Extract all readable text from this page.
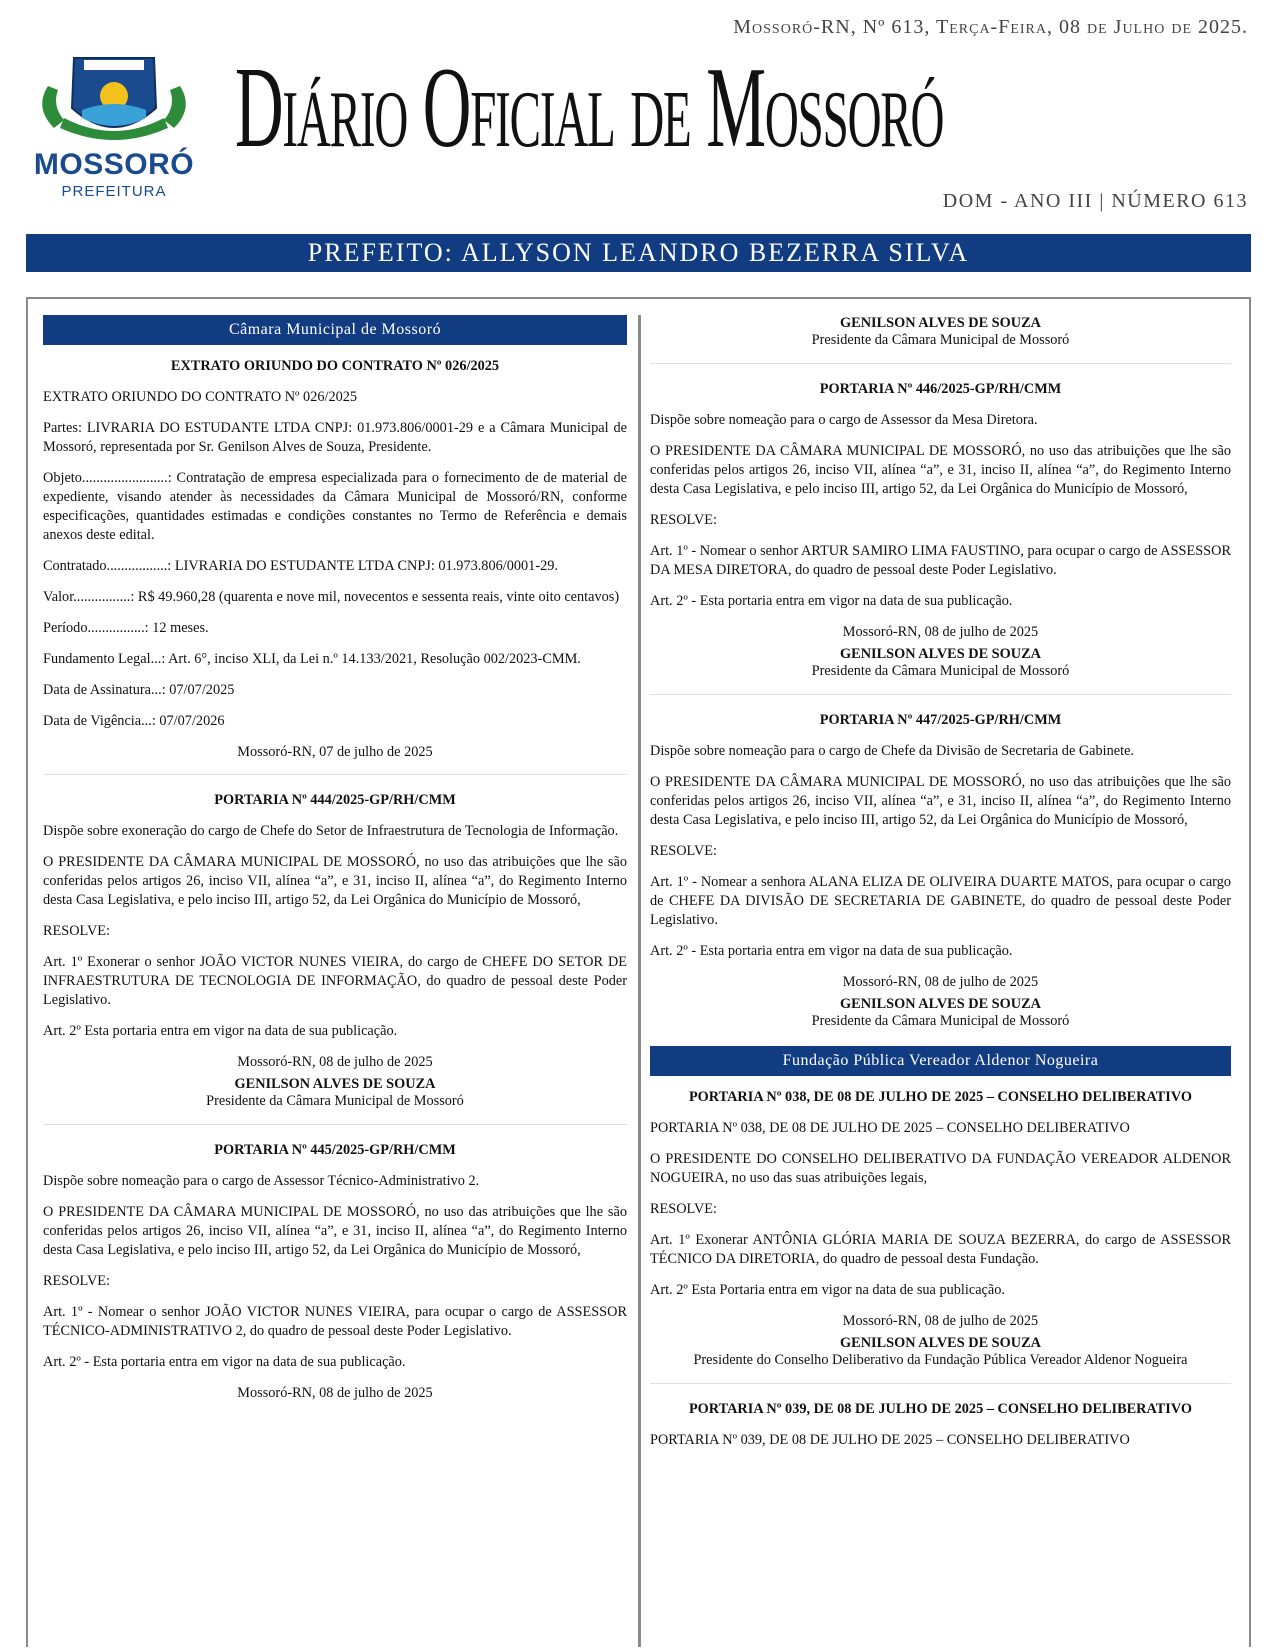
Mossoró-RN, Nº 613, Terça-Feira, 08 de Julho de 2025.
MOSSORÓ
PREFEITURA
Diário Oficial de Mossoró
DOM - ANO III | NÚMERO 613
PREFEITO: ALLYSON LEANDRO BEZERRA SILVA
Câmara Municipal de Mossoró
EXTRATO ORIUNDO DO CONTRATO Nº 026/2025

EXTRATO ORIUNDO DO CONTRATO Nº 026/2025

Partes: LIVRARIA DO ESTUDANTE LTDA CNPJ: 01.973.806/0001-29 e a Câmara Municipal de Mossoró, representada por Sr. Genilson Alves de Souza, Presidente.

Objeto........................: Contratação de empresa especializada para o fornecimento de de material de expediente, visando atender às necessidades da Câmara Municipal de Mossoró/RN, conforme especificações, quantidades estimadas e condições constantes no Termo de Referência e demais anexos deste edital.

Contratado.................: LIVRARIA DO ESTUDANTE LTDA CNPJ: 01.973.806/0001-29.

Valor................: R$ 49.960,28 (quarenta e nove mil, novecentos e sessenta reais, vinte oito centavos)

Período................: 12 meses.

Fundamento Legal...: Art. 6°, inciso XLI, da Lei n.º 14.133/2021, Resolução 002/2023-CMM.

Data de Assinatura...: 07/07/2025

Data de Vigência...: 07/07/2026

Mossoró-RN, 07 de julho de 2025

PORTARIA Nº 444/2025-GP/RH/CMM

Dispõe sobre exoneração do cargo de Chefe do Setor de Infraestrutura de Tecnologia de Informação.

O PRESIDENTE DA CÂMARA MUNICIPAL DE MOSSORÓ, no uso das atribuições que lhe são conferidas pelos artigos 26, inciso VII, alínea “a”, e 31, inciso II, alínea “a”, do Regimento Interno desta Casa Legislativa, e pelo inciso III, artigo 52, da Lei Orgânica do Município de Mossoró,

RESOLVE:

Art. 1º Exonerar o senhor JOÃO VICTOR NUNES VIEIRA, do cargo de CHEFE DO SETOR DE INFRAESTRUTURA DE TECNOLOGIA DE INFORMAÇÃO, do quadro de pessoal deste Poder Legislativo.

Art. 2º Esta portaria entra em vigor na data de sua publicação.

Mossoró-RN, 08 de julho de 2025

GENILSON ALVES DE SOUZA
Presidente da Câmara Municipal de Mossoró
PORTARIA Nº 445/2025-GP/RH/CMM

Dispõe sobre nomeação para o cargo de Assessor Técnico-Administrativo 2.

O PRESIDENTE DA CÂMARA MUNICIPAL DE MOSSORÓ, no uso das atribuições que lhe são conferidas pelos artigos 26, inciso VII, alínea “a”, e 31, inciso II, alínea “a”, do Regimento Interno desta Casa Legislativa, e pelo inciso III, artigo 52, da Lei Orgânica do Município de Mossoró,

RESOLVE:

Art. 1º - Nomear o senhor JOÃO VICTOR NUNES VIEIRA, para ocupar o cargo de ASSESSOR TÉCNICO-ADMINISTRATIVO 2, do quadro de pessoal deste Poder Legislativo.

Art. 2º - Esta portaria entra em vigor na data de sua publicação.

Mossoró-RN, 08 de julho de 2025

GENILSON ALVES DE SOUZA
Presidente da Câmara Municipal de Mossoró
PORTARIA Nº 446/2025-GP/RH/CMM

Dispõe sobre nomeação para o cargo de Assessor da Mesa Diretora.

O PRESIDENTE DA CÂMARA MUNICIPAL DE MOSSORÓ, no uso das atribuições que lhe são conferidas pelos artigos 26, inciso VII, alínea “a”, e 31, inciso II, alínea “a”, do Regimento Interno desta Casa Legislativa, e pelo inciso III, artigo 52, da Lei Orgânica do Município de Mossoró,

RESOLVE:

Art. 1º - Nomear o senhor ARTUR SAMIRO LIMA FAUSTINO, para ocupar o cargo de ASSESSOR DA MESA DIRETORA, do quadro de pessoal deste Poder Legislativo.

Art. 2º - Esta portaria entra em vigor na data de sua publicação.

Mossoró-RN, 08 de julho de 2025

GENILSON ALVES DE SOUZA
Presidente da Câmara Municipal de Mossoró
PORTARIA Nº 447/2025-GP/RH/CMM

Dispõe sobre nomeação para o cargo de Chefe da Divisão de Secretaria de Gabinete.

O PRESIDENTE DA CÂMARA MUNICIPAL DE MOSSORÓ, no uso das atribuições que lhe são conferidas pelos artigos 26, inciso VII, alínea “a”, e 31, inciso II, alínea “a”, do Regimento Interno desta Casa Legislativa, e pelo inciso III, artigo 52, da Lei Orgânica do Município de Mossoró,

RESOLVE:

Art. 1º - Nomear a senhora ALANA ELIZA DE OLIVEIRA DUARTE MATOS, para ocupar o cargo de CHEFE DA DIVISÃO DE SECRETARIA DE GABINETE, do quadro de pessoal deste Poder Legislativo.

Art. 2º - Esta portaria entra em vigor na data de sua publicação.

Mossoró-RN, 08 de julho de 2025

GENILSON ALVES DE SOUZA
Presidente da Câmara Municipal de Mossoró
Fundação Pública Vereador Aldenor Nogueira
PORTARIA Nº 038, DE 08 DE JULHO DE 2025 – CONSELHO DELIBERATIVO

PORTARIA Nº 038, DE 08 DE JULHO DE 2025 – CONSELHO DELIBERATIVO

O PRESIDENTE DO CONSELHO DELIBERATIVO DA FUNDAÇÃO VEREADOR ALDENOR NOGUEIRA, no uso das suas atribuições legais,

RESOLVE:

Art. 1º Exonerar ANTÔNIA GLÓRIA MARIA DE SOUZA BEZERRA, do cargo de ASSESSOR TÉCNICO DA DIRETORIA, do quadro de pessoal desta Fundação.

Art. 2º Esta Portaria entra em vigor na data de sua publicação.

Mossoró-RN, 08 de julho de 2025

GENILSON ALVES DE SOUZA
Presidente do Conselho Deliberativo da Fundação Pública Vereador Aldenor Nogueira
PORTARIA Nº 039, DE 08 DE JULHO DE 2025 – CONSELHO DELIBERATIVO

PORTARIA Nº 039, DE 08 DE JULHO DE 2025 – CONSELHO DELIBERATIVO
